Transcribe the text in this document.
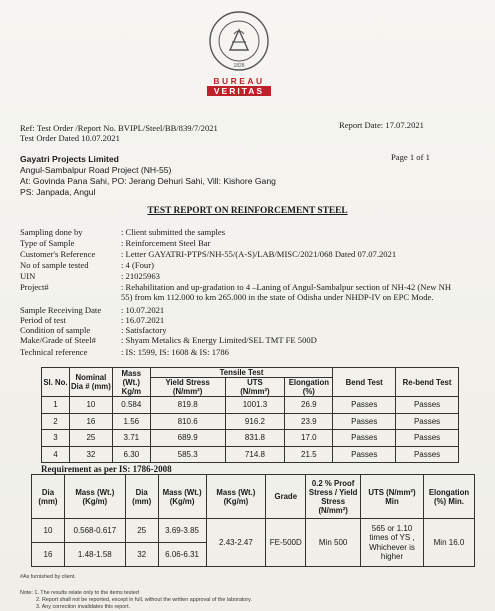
1828
BUREAU
VERITAS
Ref: Test Order /Report No. BVIPL/Steel/BB/839/7/2021
Test Order Dated 10.07.2021
Report Date: 17.07.2021
Page 1 of 1
Gayatri Projects Limited
Angul-Sambalpur Road Project (NH-55)
At: Govinda Pana Sahi, PO: Jerang Dehuri Sahi, Vill: Kishore Gang
PS: Janpada, Angul
TEST REPORT ON REINFORCEMENT STEEL
Sampling done by	: Client submitted the samples
Type of Sample	: Reinforcement Steel Bar
Customer's Reference	: Letter GAYATRI-PTPS/NH-55/(A-S)/LAB/MISC/2021/068 Dated 07.07.2021
No of sample tested	: 4 (Four)
UIN	: 21025963
Project#	: Rehabilitation and up-gradation to 4 –Laning of Angul-Sambalpur section of NH-42 (New NH
55) from km 112.000 to km 265.000 in the state of Odisha under NHDP-IV on EPC Mode.
Sample Receiving Date : 10.07.2021
Period of test	: 16.07.2021
Condition of sample	: Satisfactory
Make/Grade of Steel#	: Shyam Metalics & Energy Limited/SEL TMT FE 500D
Technical reference	: IS: 1599, IS: 1608 & IS: 1786
Sl. No.	Nominal Dia # (mm)	Mass (Wt.) Kg/m	Tensile Test			Bend Test	Re-bend Test
			Yield Stress
(N/mm²)	UTS
(N/mm²)	Elongation (%)		
1	10	0.584	819.8	1001.3	26.9	Passes	Passes
2	16	1.56	810.6	916.2	23.9	Passes	Passes
3	25	3.71	689.9	831.8	17.0	Passes	Passes
4	32	6.30	585.3	714.8	21.5	Passes	Passes
Requirement as per IS: 1786-2008
Dia (mm)	Mass (Wt.) (Kg/m)	Dia (mm)	Mass (Wt.) (Kg/m)	Mass (Wt.) (Kg/m)	Grade	0.2 % Proof Stress / Yield Stress (N/mm²)	UTS (N/mm²) Min	Elongation (%) Min.
10	0.568-0.617	25	3.69-3.85	2.43-2.47	FE-500D	Min 500	565 or 1.10 times of YS , Whichever is higher	Min 16.0
16	1.48-1.58	32	6.06-6.31					
#As furnished by client.
Note: 1. The results relate only to the items tested
2. Report shall not be reported, except in full, without the written approval of the laboratory.
3. Any correction invalidates this report.
